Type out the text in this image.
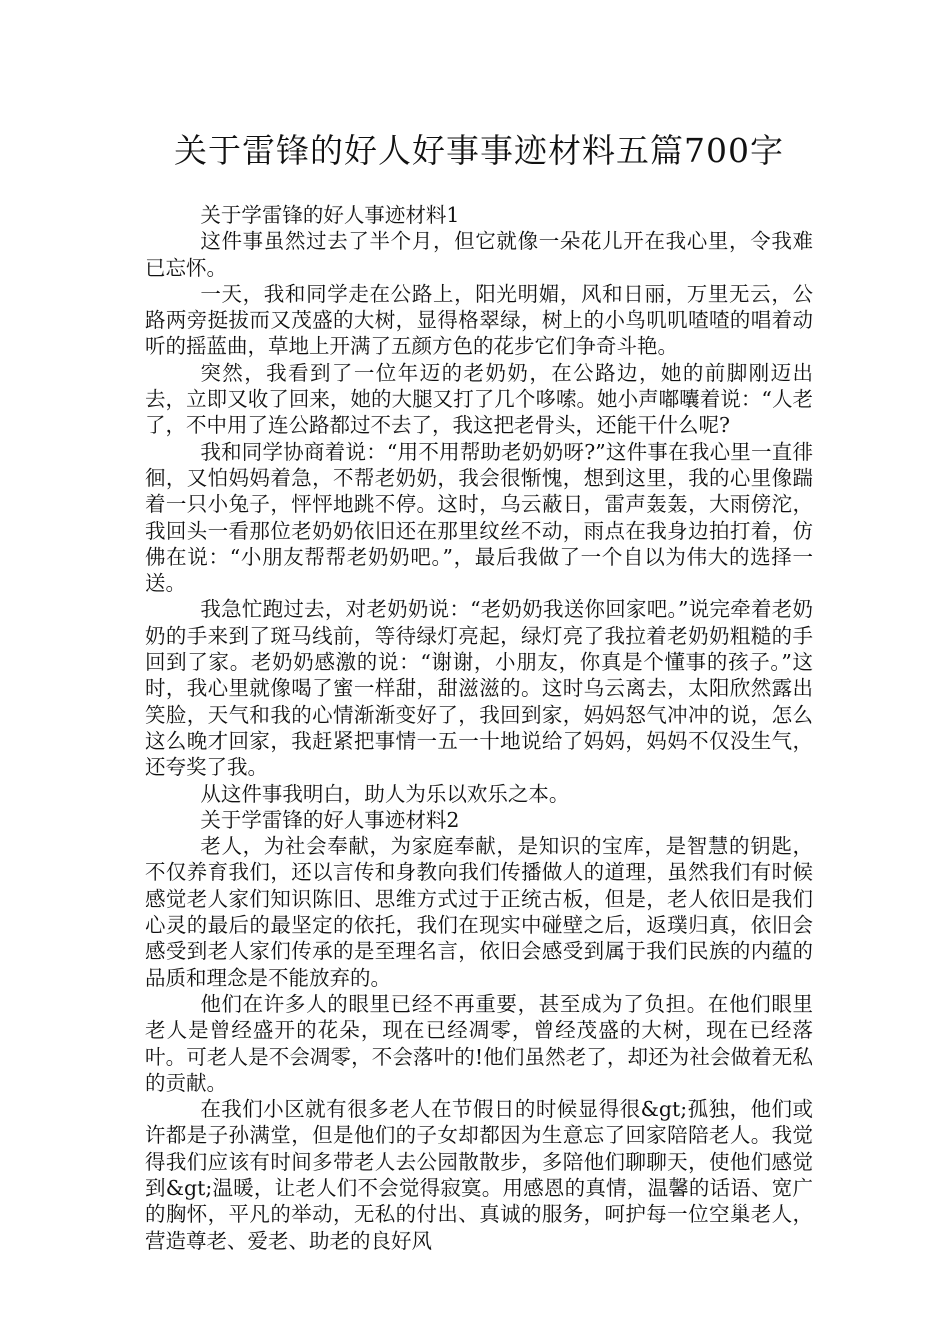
关于雷锋的好人好事事迹材料五篇700字

关于学雷锋的好人事迹材料1

这件事虽然过去了半个月，但它就像一朵花儿开在我心里，令我难已忘怀。

一天，我和同学走在公路上，阳光明媚，风和日丽，万里无云，公路两旁挺拔而又茂盛的大树，显得格翠绿，树上的小鸟叽叽喳喳的唱着动听的摇蓝曲，草地上开满了五颜方色的花步它们争奇斗艳。

突然，我看到了一位年迈的老奶奶，在公路边，她的前脚刚迈出去，立即又收了回来，她的大腿又打了几个哆嗦。她小声嘟囔着说：“人老了，不中用了连公路都过不去了，我这把老骨头，还能干什么呢?

我和同学协商着说：“用不用帮助老奶奶呀?”这件事在我心里一直徘徊，又怕妈妈着急，不帮老奶奶，我会很惭愧，想到这里，我的心里像踹着一只小兔子，怦怦地跳不停。这时，乌云蔽日，雷声轰轰，大雨傍沱，我回头一看那位老奶奶依旧还在那里纹丝不动，雨点在我身边拍打着，仿佛在说：“小朋友帮帮老奶奶吧。”，最后我做了一个自以为伟大的选择一送。

我急忙跑过去，对老奶奶说：“老奶奶我送你回家吧。”说完牵着老奶奶的手来到了斑马线前，等待绿灯亮起，绿灯亮了我拉着老奶奶粗糙的手回到了家。老奶奶感激的说：“谢谢，小朋友，你真是个懂事的孩子。”这时，我心里就像喝了蜜一样甜，甜滋滋的。这时乌云离去，太阳欣然露出笑脸，天气和我的心情渐渐变好了，我回到家，妈妈怒气冲冲的说，怎么这么晚才回家，我赶紧把事情一五一十地说给了妈妈，妈妈不仅没生气，还夸奖了我。

从这件事我明白，助人为乐以欢乐之本。

关于学雷锋的好人事迹材料2

老人，为社会奉献，为家庭奉献，是知识的宝库，是智慧的钥匙，不仅养育我们，还以言传和身教向我们传播做人的道理，虽然我们有时候感觉老人家们知识陈旧、思维方式过于正统古板，但是，老人依旧是我们心灵的最后的最坚定的依托，我们在现实中碰壁之后，返璞归真，依旧会感受到老人家们传承的是至理名言，依旧会感受到属于我们民族的内蕴的品质和理念是不能放弃的。

他们在许多人的眼里已经不再重要，甚至成为了负担。在他们眼里老人是曾经盛开的花朵，现在已经凋零，曾经茂盛的大树，现在已经落叶。可老人是不会凋零，不会落叶的!他们虽然老了，却还为社会做着无私的贡献。

在我们小区就有很多老人在节假日的时候显得很&gt;孤独，他们或许都是子孙满堂，但是他们的子女却都因为生意忘了回家陪陪老人。我觉得我们应该有时间多带老人去公园散散步，多陪他们聊聊天，使他们感觉到&gt;温暖，让老人们不会觉得寂寞。用感恩的真情，温馨的话语、宽广的胸怀，平凡的举动，无私的付出、真诚的服务，呵护每一位空巢老人，营造尊老、爱老、助老的良好风
